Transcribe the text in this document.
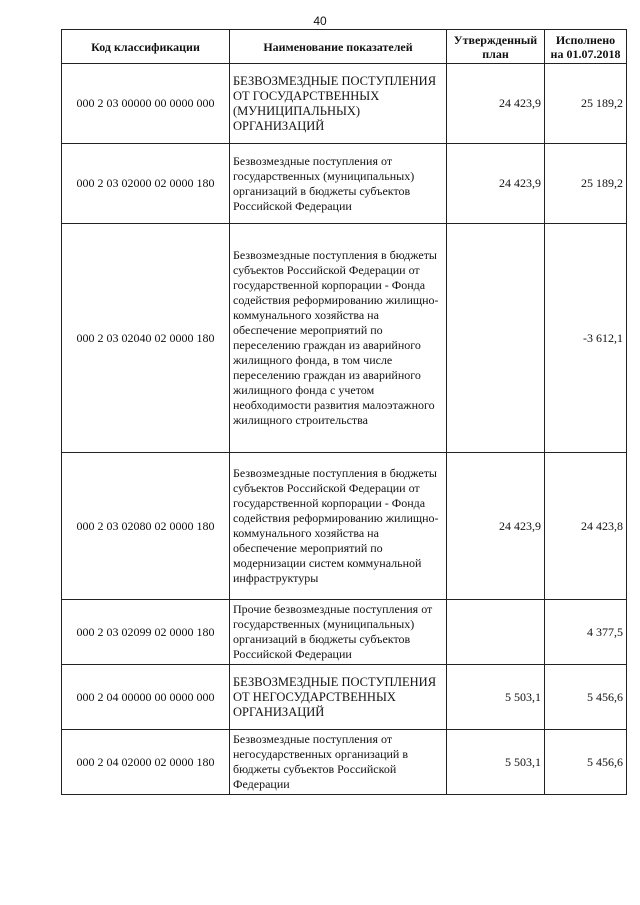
40
Код классификации	Наименование показателей	Утвержденный план	Исполнено на 01.07.2018
000 2 03 00000 00 0000 000	БЕЗВОЗМЕЗДНЫЕ ПОСТУПЛЕНИЯ ОТ ГОСУДАРСТВЕННЫХ (МУНИЦИПАЛЬНЫХ) ОРГАНИЗАЦИЙ	24 423,9	25 189,2
000 2 03 02000 02 0000 180	Безвозмездные поступления от государственных (муниципальных) организаций в бюджеты субъектов Российской Федерации	24 423,9	25 189,2
000 2 03 02040 02 0000 180	Безвозмездные поступления в бюджеты субъектов Российской Федерации от государственной корпорации - Фонда содействия реформированию жилищно-коммунального хозяйства на обеспечение мероприятий по переселению граждан из аварийного жилищного фонда, в том числе переселению граждан из аварийного жилищного фонда с учетом необходимости развития малоэтажного жилищного строительства		-3 612,1
000 2 03 02080 02 0000 180	Безвозмездные поступления в бюджеты субъектов Российской Федерации от государственной корпорации - Фонда содействия реформированию жилищно-коммунального хозяйства на обеспечение мероприятий по модернизации систем коммунальной инфраструктуры	24 423,9	24 423,8
000 2 03 02099 02 0000 180	Прочие безвозмездные поступления от государственных (муниципальных) организаций в бюджеты субъектов Российской Федерации		4 377,5
000 2 04 00000 00 0000 000	БЕЗВОЗМЕЗДНЫЕ ПОСТУПЛЕНИЯ ОТ НЕГОСУДАРСТВЕННЫХ ОРГАНИЗАЦИЙ	5 503,1	5 456,6
000 2 04 02000 02 0000 180	Безвозмездные поступления от негосударственных организаций в бюджеты субъектов Российской Федерации	5 503,1	5 456,6
